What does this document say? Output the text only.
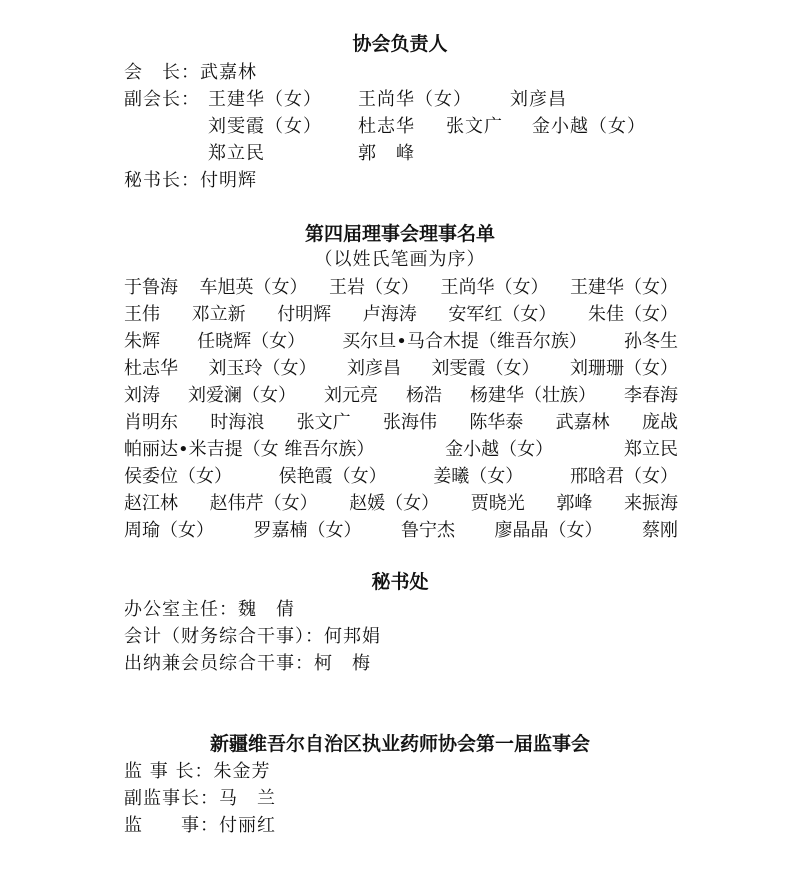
协会负责人
会　长：武嘉林
副会长： 王建华（女） 王尚华（女） 刘彦昌
刘雯霞（女） 杜志华 张文广 金小越（女）
郑立民	郭　峰
秘书长：付明辉
第四届理事会理事名单
（以姓氏笔画为序）
于鲁海 车旭英（女） 王岩（女） 王尚华（女） 王建华（女）
王伟 邓立新 付明辉 卢海涛 安军红（女） 朱佳（女）
朱辉 任晓辉（女） 买尔旦•马合木提（维吾尔族） 孙冬生
杜志华 刘玉玲（女） 刘彦昌 刘雯霞（女） 刘珊珊（女）
刘涛 刘爱澜（女） 刘元亮 杨浩 杨建华（壮族） 李春海
肖明东 时海浪 张文广 张海伟 陈华泰 武嘉林 庞战
帕丽达•米吉提（女 维吾尔族）	金小越（女）	郑立民
侯委位（女）	侯艳霞（女）	姜曦（女）	邢晗君（女）
赵江林 赵伟芹（女） 赵媛（女） 贾晓光 郭峰 来振海
周瑜（女） 罗嘉楠（女） 鲁宁杰 廖晶晶（女） 蔡刚
秘书处
办公室主任：魏　倩
会计（财务综合干事）：何邦娟
出纳兼会员综合干事：柯　梅
新疆维吾尔自治区执业药师协会第一届监事会
监 事 长：朱金芳
副监事长：马　兰
监　　事：付丽红
